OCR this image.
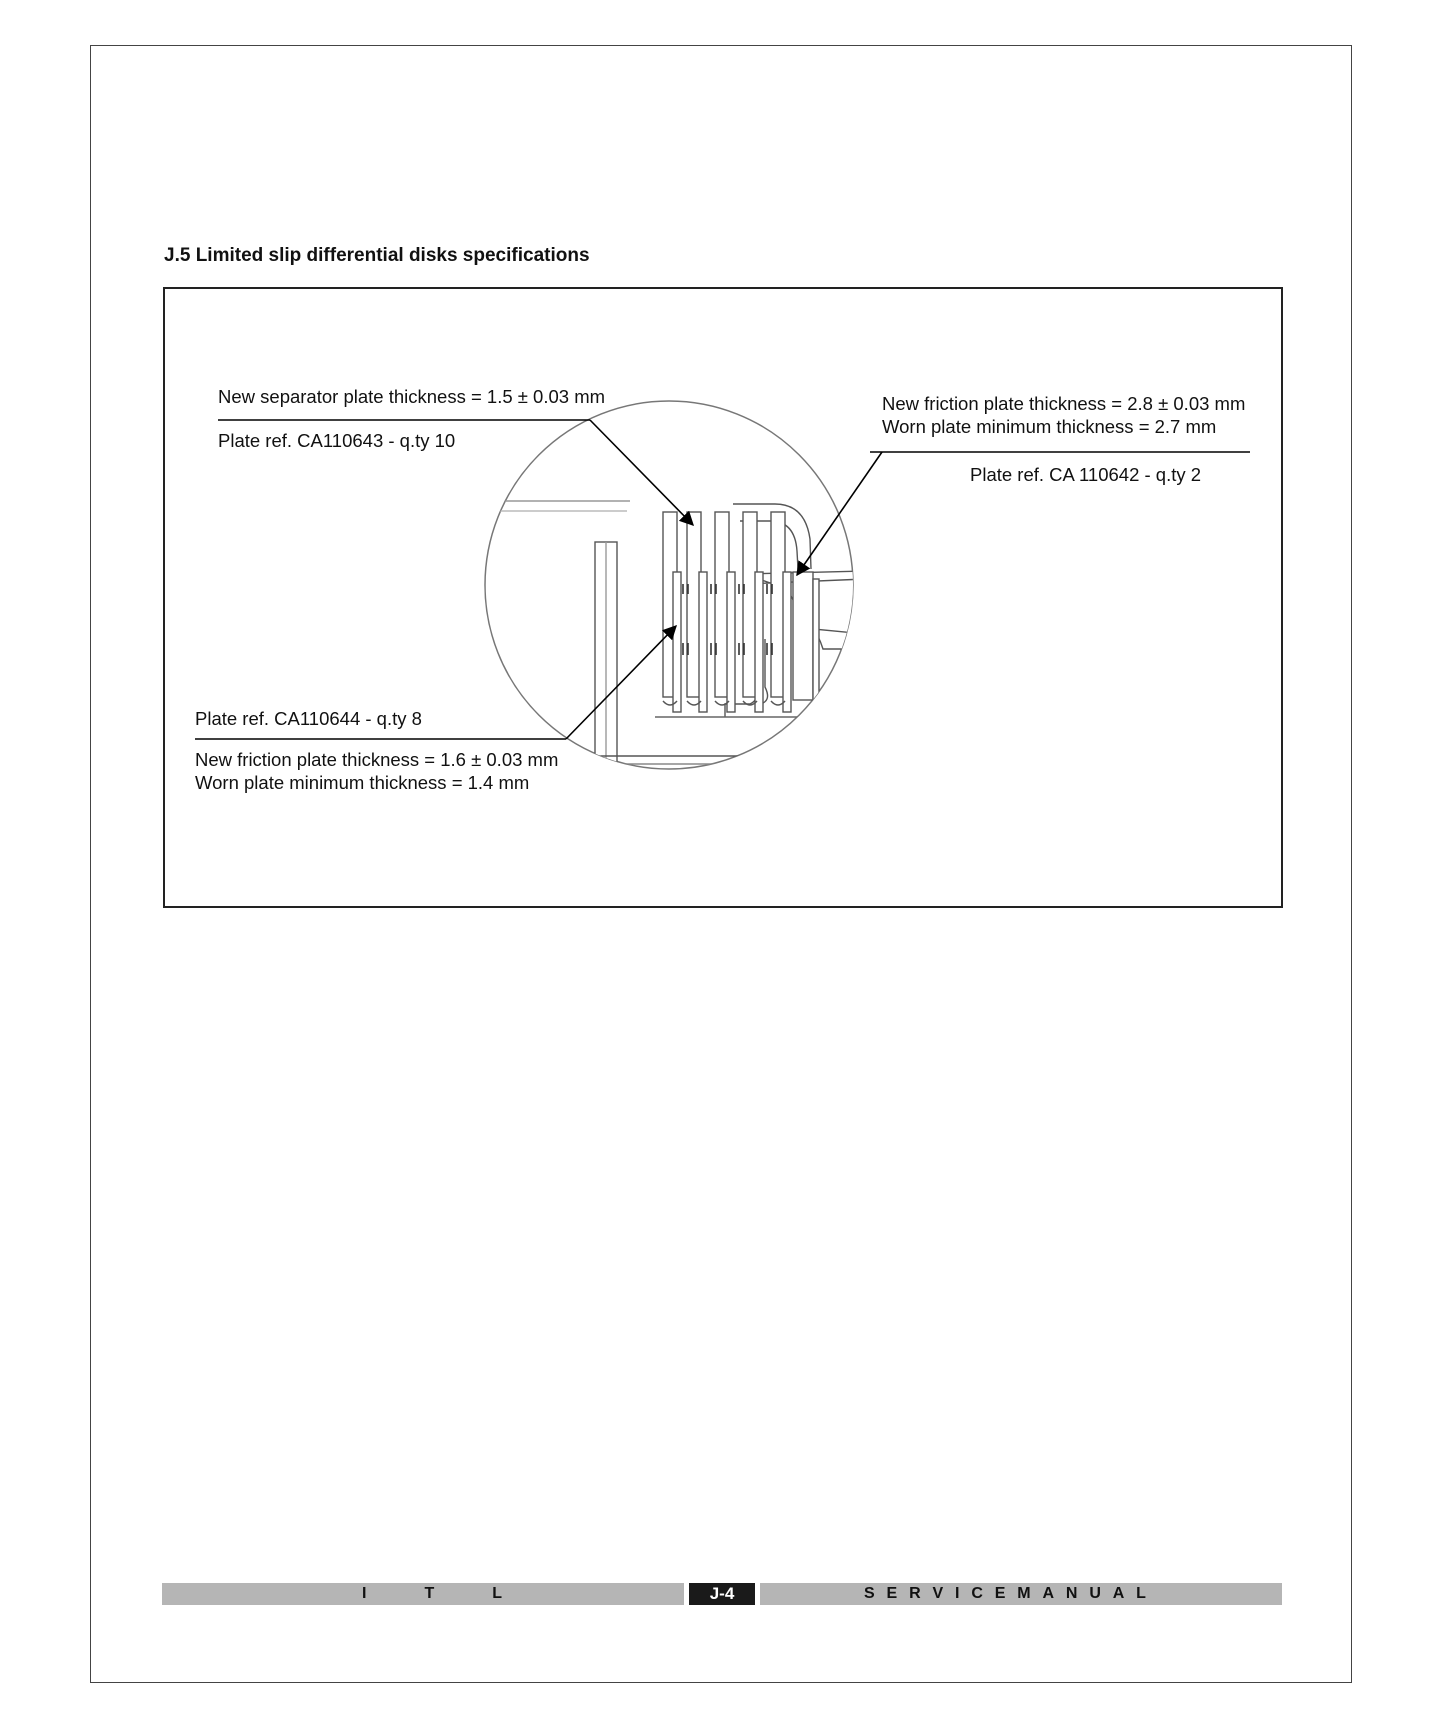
J.5 Limited slip differential disks specifications

New separator plate thickness = 1.5 ± 0.03 mm

Plate ref. CA110643 - q.ty 10

New friction plate thickness = 2.8 ± 0.03 mm

Worn plate minimum thickness = 2.7 mm

Plate ref. CA 110642 - q.ty 2

Plate ref. CA110644 - q.ty 8

New friction plate thickness = 1.6 ± 0.03 mm

Worn plate minimum thickness = 1.4 mm

I	T	L	J-4	S E R V I C E M A N U A L
